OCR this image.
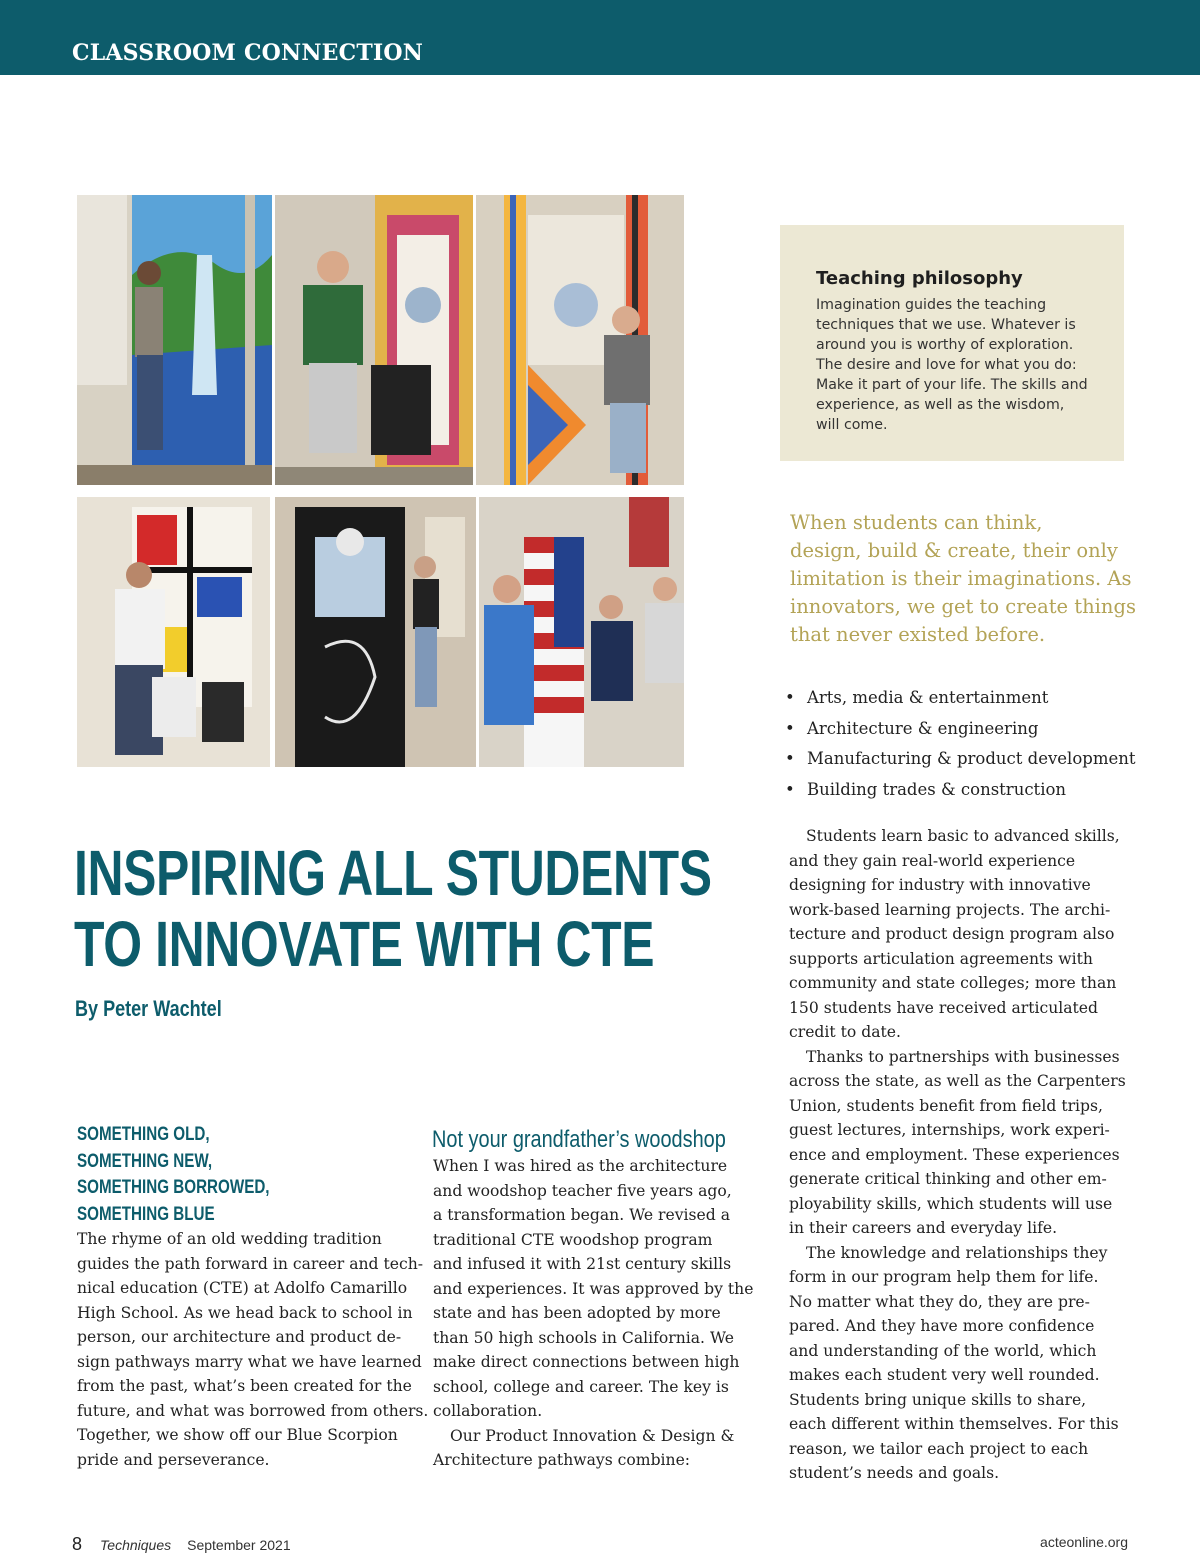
CLASSROOM CONNECTION
Teaching philosophy

Imagination guides the teaching
techniques that we use. Whatever is
around you is worthy of exploration.
The desire and love for what you do:
Make it part of your life. The skills and
experience, as well as the wisdom,
will come.

When students can think,
design, build & create, their only
limitation is their imaginations. As
innovators, we get to create things
that never existed before.
• Arts, media & entertainment
• Architecture & engineering
• Manufacturing & product development
• Building trades & construction
INSPIRING ALL STUDENTS
TO INNOVATE WITH CTE
By Peter Wachtel
SOMETHING OLD,
SOMETHING NEW,
SOMETHING BORROWED,
SOMETHING BLUE
Not your grandfather’s woodshop
The rhyme of an old wedding tradition
guides the path forward in career and tech-
nical education (CTE) at Adolfo Camarillo
High School. As we head back to school in
person, our architecture and product de-
sign pathways marry what we have learned
from the past, what’s been created for the
future, and what was borrowed from others.
Together, we show off our Blue Scorpion
pride and perseverance.
When I was hired as the architecture
and woodshop teacher five years ago,
a transformation began. We revised a
traditional CTE woodshop program
and infused it with 21st century skills
and experiences. It was approved by the
state and has been adopted by more
than 50 high schools in California. We
make direct connections between high
school, college and career. The key is
collaboration.
Our Product Innovation & Design &
Architecture pathways combine:
Students learn basic to advanced skills,
and they gain real-world experience
designing for industry with innovative
work-based learning projects. The archi-
tecture and product design program also
supports articulation agreements with
community and state colleges; more than
150 students have received articulated
credit to date.
Thanks to partnerships with businesses
across the state, as well as the Carpenters
Union, students benefit from field trips,
guest lectures, internships, work experi-
ence and employment. These experiences
generate critical thinking and other em-
ployability skills, which students will use
in their careers and everyday life.
The knowledge and relationships they
form in our program help them for life.
No matter what they do, they are pre-
pared. And they have more confidence
and understanding of the world, which
makes each student very well rounded.
Students bring unique skills to share,
each different within themselves. For this
reason, we tailor each project to each
student’s needs and goals.
8 Techniques September 2021	acteonline.org
